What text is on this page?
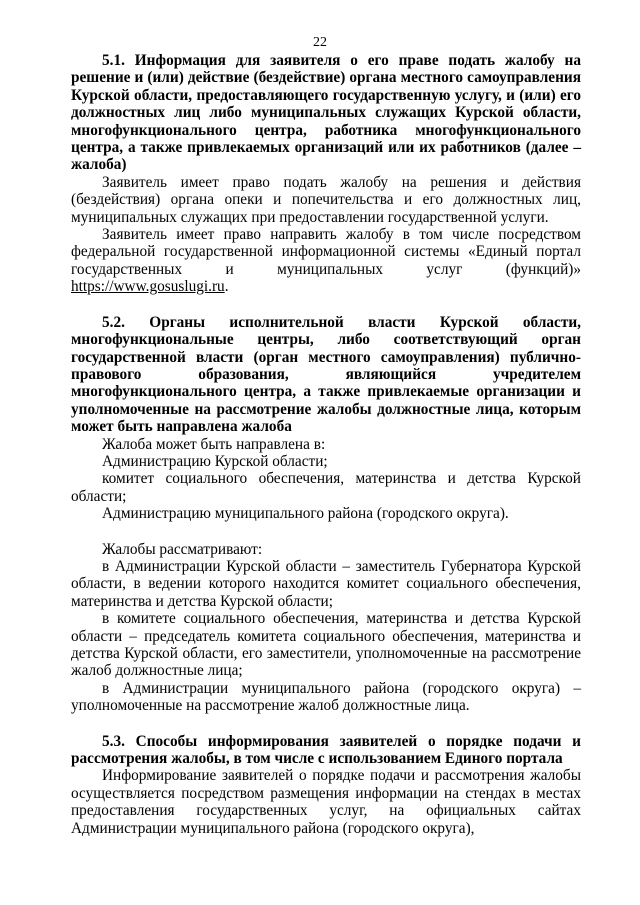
22

5.1. Информация для заявителя о его праве подать жалобу на решение и (или) действие (бездействие) органа местного самоуправления Курской области, предоставляющего государственную услугу, и (или) его должностных лиц либо муниципальных служащих Курской области, многофункционального центра, работника многофункционального центра, а также привлекаемых организаций или их работников (далее – жалоба)

Заявитель имеет право подать жалобу на решения и действия (бездействия) органа опеки и попечительства и его должностных лиц, муниципальных служащих при предоставлении государственной услуги.

Заявитель имеет право направить жалобу в том числе посредством федеральной государственной информационной системы «Единый портал государственных и муниципальных услуг (функций)» https://www.gosuslugi.ru.

5.2. Органы исполнительной власти Курской области, многофункциональные центры, либо соответствующий орган государственной власти (орган местного самоуправления) публично-правового образования, являющийся учредителем многофункционального центра, а также привлекаемые организации и уполномоченные на рассмотрение жалобы должностные лица, которым может быть направлена жалоба

Жалоба может быть направлена в:

Администрацию Курской области;

комитет социального обеспечения, материнства и детства Курской области;

Администрацию муниципального района (городского округа).

Жалобы рассматривают:

в Администрации Курской области – заместитель Губернатора Курской области, в ведении которого находится комитет социального обеспечения, материнства и детства Курской области;

в комитете социального обеспечения, материнства и детства Курской области – председатель комитета социального обеспечения, материнства и детства Курской области, его заместители, уполномоченные на рассмотрение жалоб должностные лица;

в Администрации муниципального района (городского округа) – уполномоченные на рассмотрение жалоб должностные лица.

5.3. Способы информирования заявителей о порядке подачи и рассмотрения жалобы, в том числе с использованием Единого портала

Информирование заявителей о порядке подачи и рассмотрения жалобы осуществляется посредством размещения информации на стендах в местах предоставления государственных услуг, на официальных сайтах Администрации муниципального района (городского округа),
